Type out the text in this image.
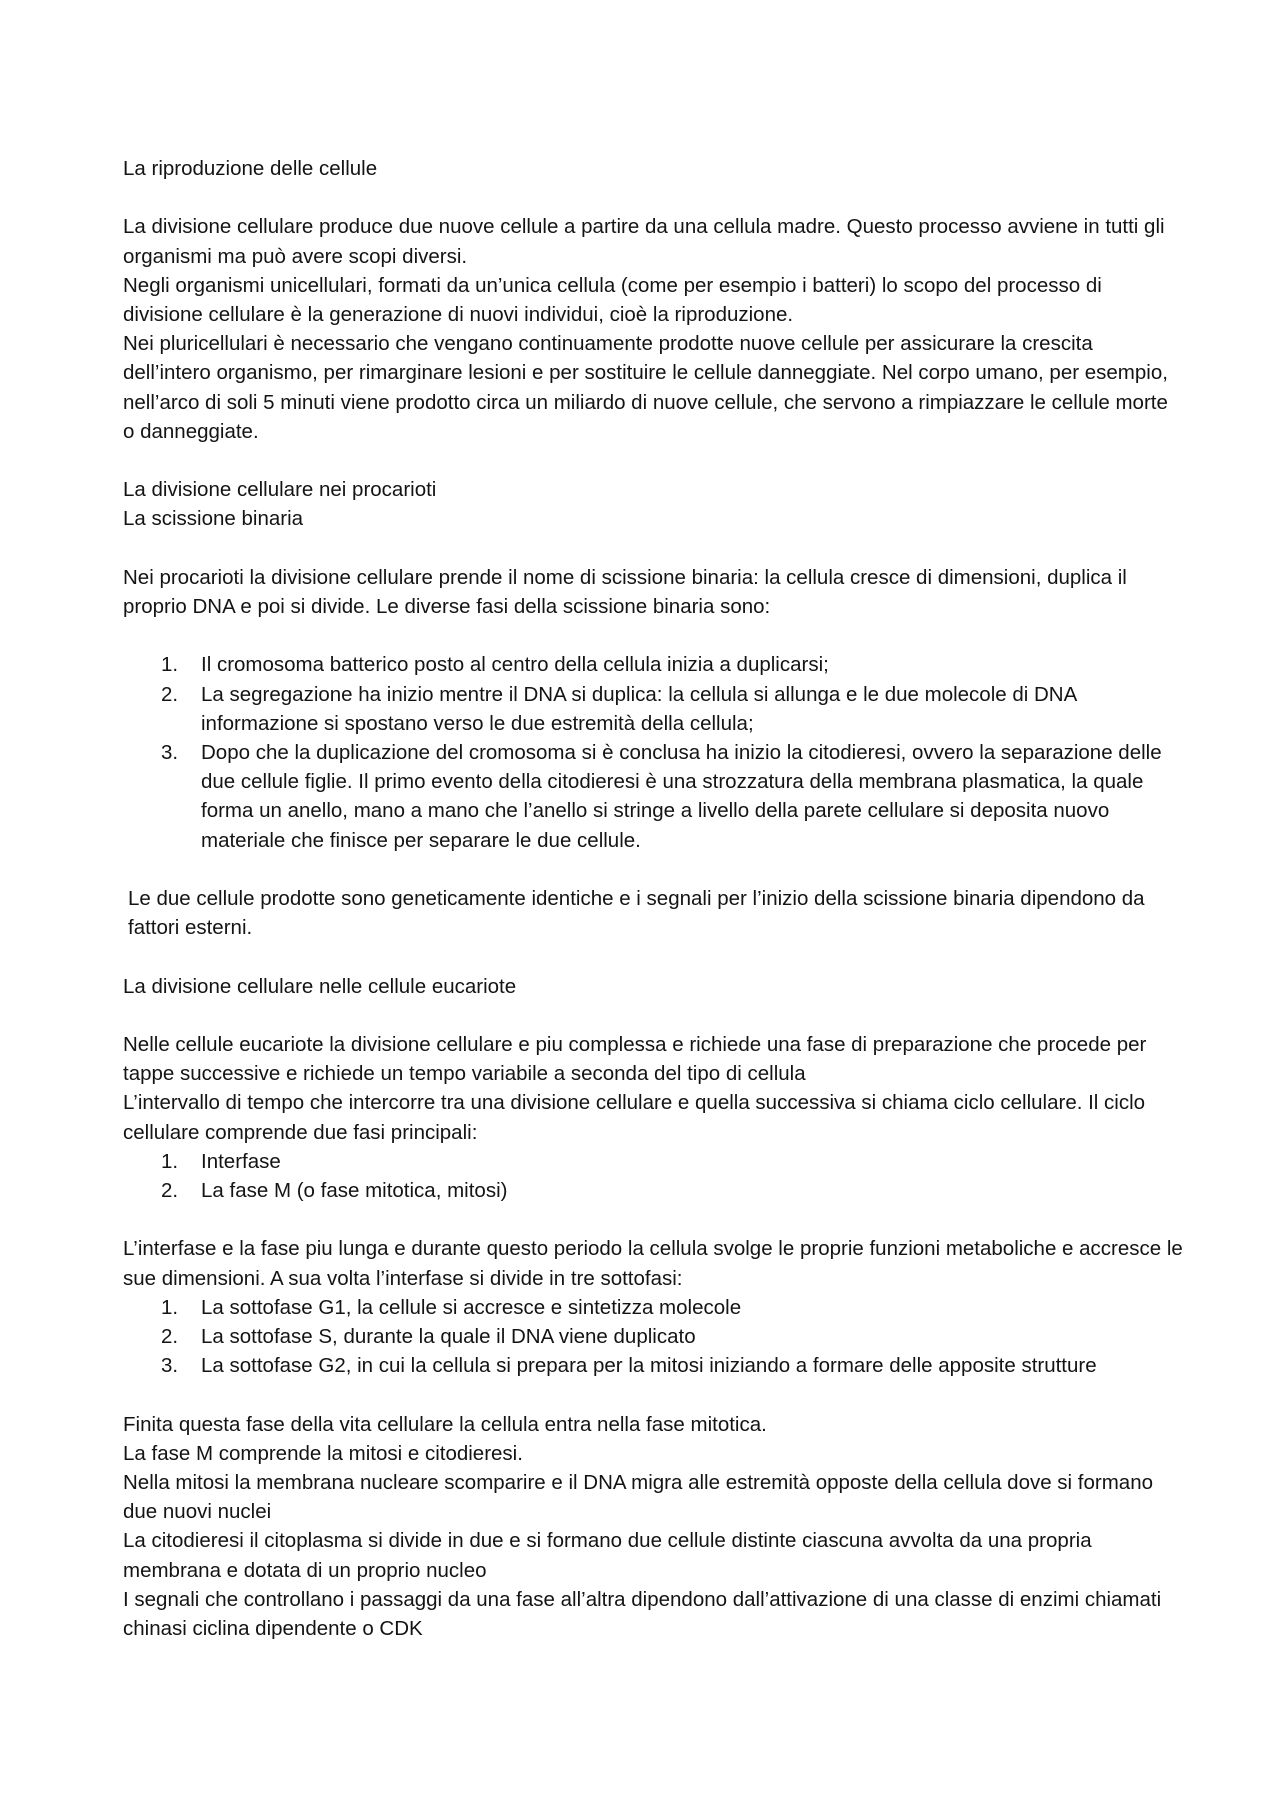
La riproduzione delle cellule

La divisione cellulare produce due nuove cellule a partire da una cellula madre. Questo processo avviene in tutti gli organismi ma può avere scopi diversi.

Negli organismi unicellulari, formati da un’unica cellula (come per esempio i batteri) lo scopo del processo di divisione cellulare è la generazione di nuovi individui, cioè la riproduzione.

Nei pluricellulari è necessario che vengano continuamente prodotte nuove cellule per assicurare la crescita dell’intero organismo, per rimarginare lesioni e per sostituire le cellule danneggiate. Nel corpo umano, per esempio, nell’arco di soli 5 minuti viene prodotto circa un miliardo di nuove cellule, che servono a rimpiazzare le cellule morte o danneggiate.

La divisione cellulare nei procarioti

La scissione binaria

Nei procarioti la divisione cellulare prende il nome di scissione binaria: la cellula cresce di dimensioni, duplica il proprio DNA e poi si divide. Le diverse fasi della scissione binaria sono:

1. Il cromosoma batterico posto al centro della cellula inizia a duplicarsi;
2. La segregazione ha inizio mentre il DNA si duplica: la cellula si allunga e le due molecole di DNA informazione si spostano verso le due estremità della cellula;
3. Dopo che la duplicazione del cromosoma si è conclusa ha inizio la citodieresi, ovvero la separazione delle due cellule figlie. Il primo evento della citodieresi è una strozzatura della membrana plasmatica, la quale forma un anello, mano a mano che l’anello si stringe a livello della parete cellulare si deposita nuovo materiale che finisce per separare le due cellule.

Le due cellule prodotte sono geneticamente identiche e i segnali per l’inizio della scissione binaria dipendono da fattori esterni.

La divisione cellulare nelle cellule eucariote

Nelle cellule eucariote la divisione cellulare e piu complessa e richiede una fase di preparazione che procede per tappe successive e richiede un tempo variabile a seconda del tipo di cellula

L’intervallo di tempo che intercorre tra una divisione cellulare e quella successiva si chiama ciclo cellulare. Il ciclo cellulare comprende due fasi principali:

1. Interfase
2. La fase M (o fase mitotica, mitosi)

L’interfase e la fase piu lunga e durante questo periodo la cellula svolge le proprie funzioni metaboliche e accresce le sue dimensioni. A sua volta l’interfase si divide in tre sottofasi:

1. La sottofase G1, la cellule si accresce e sintetizza molecole
2. La sottofase S, durante la quale il DNA viene duplicato
3. La sottofase G2, in cui la cellula si prepara per la mitosi iniziando a formare delle apposite strutture

Finita questa fase della vita cellulare la cellula entra nella fase mitotica.

La fase M comprende la mitosi e citodieresi.

Nella mitosi la membrana nucleare scomparire e il DNA migra alle estremità opposte della cellula dove si formano due nuovi nuclei

La citodieresi il citoplasma si divide in due e si formano due cellule distinte ciascuna avvolta da una propria membrana e dotata di un proprio nucleo

I segnali che controllano i passaggi da una fase all’altra dipendono dall’attivazione di una classe di enzimi chiamati chinasi ciclina dipendente o CDK
